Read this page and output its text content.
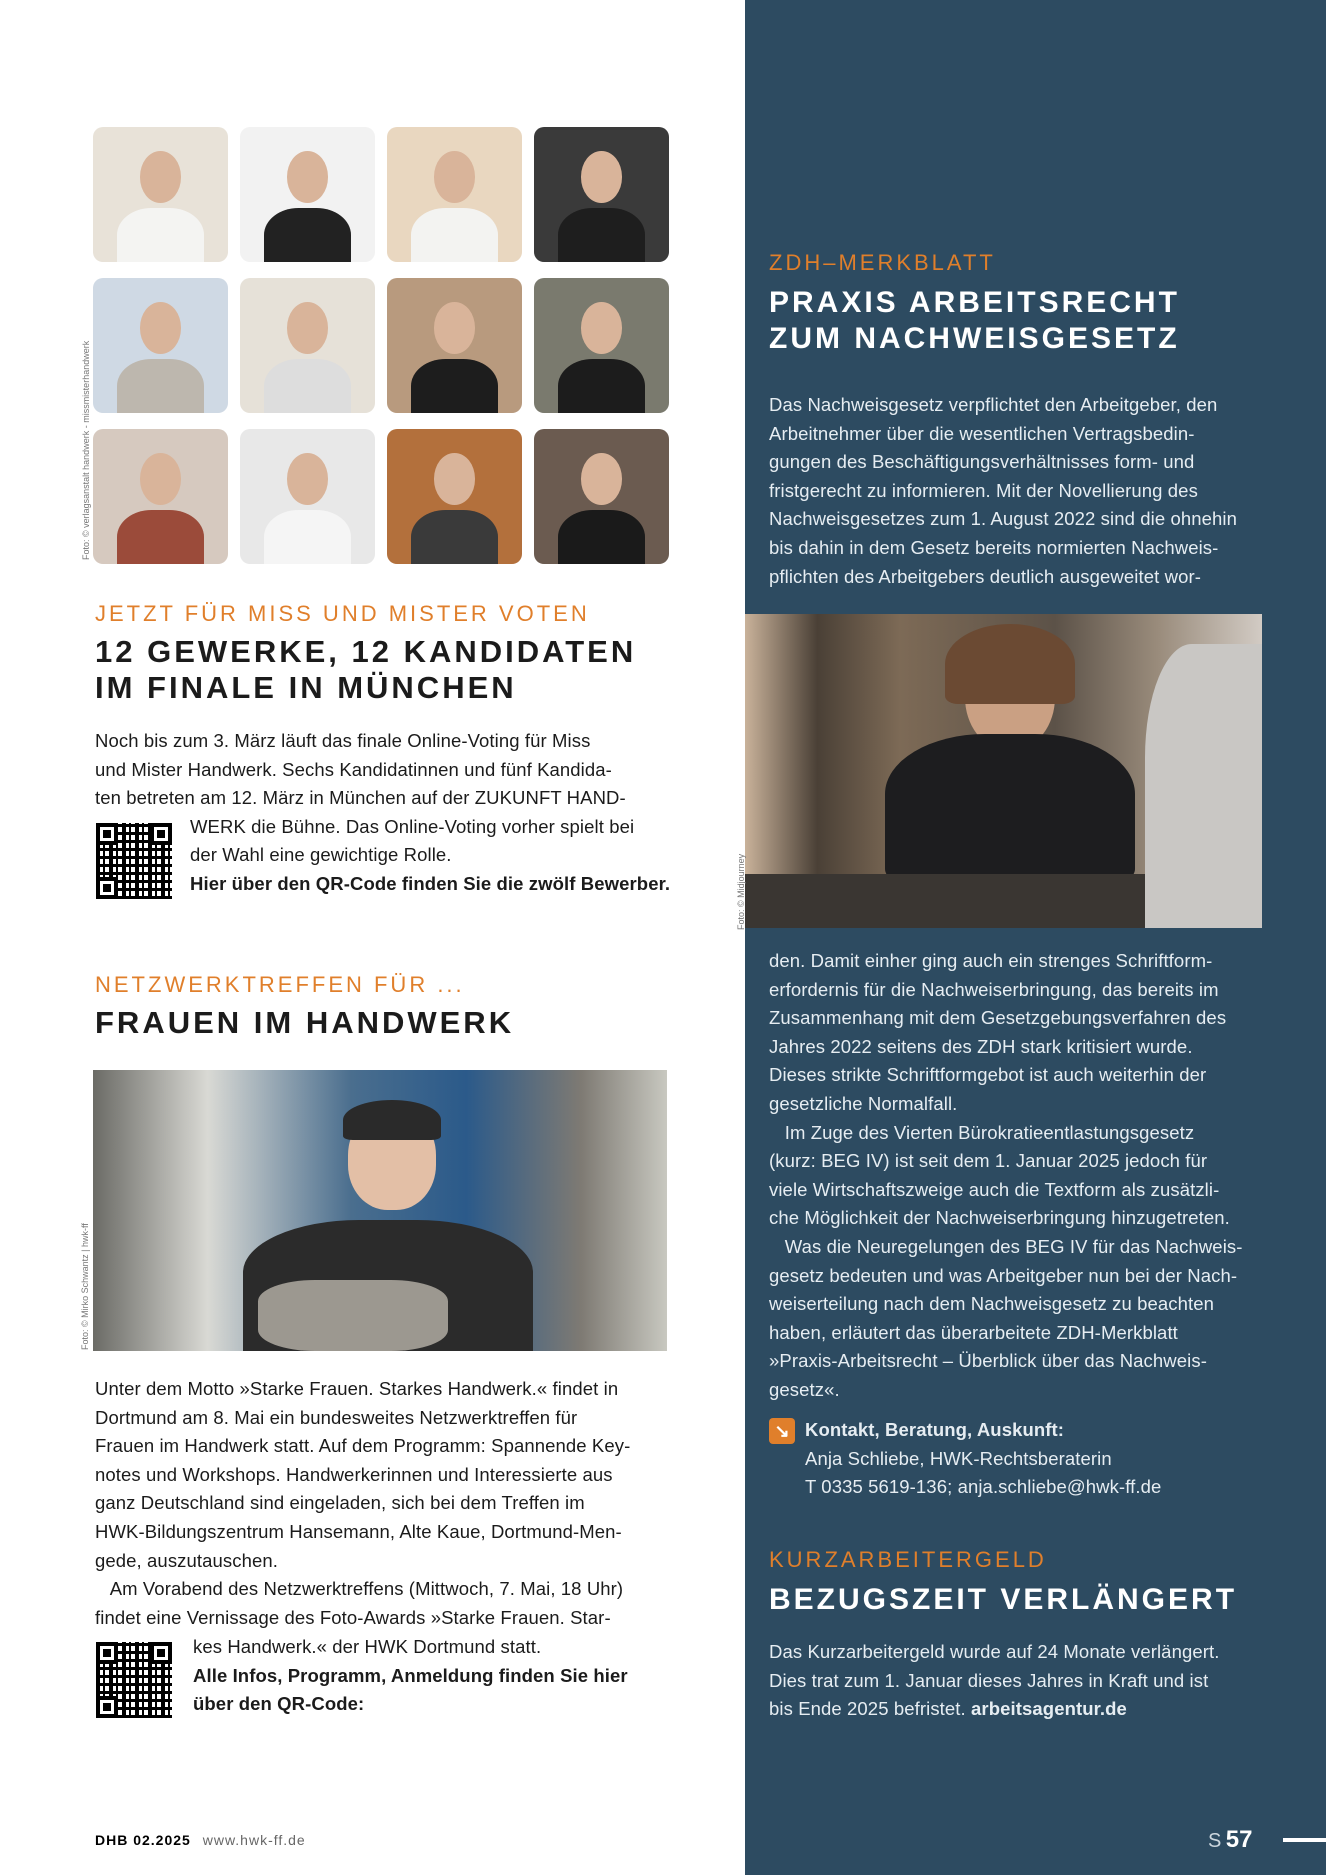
Foto: © verlagsanstalt handwerk - missmisterhandwerk
JETZT FÜR MISS UND MISTER VOTEN
12 GEWERKE, 12 KANDIDATEN
IM FINALE IN MÜNCHEN
Noch bis zum 3. März läuft das finale Online-Voting für Miss
und Mister Handwerk. Sechs Kandidatinnen und fünf Kandida-
ten betreten am 12. März in München auf der ZUKUNFT HAND-
WERK die Bühne. Das Online-Voting vorher spielt bei
der Wahl eine gewichtige Rolle.
Hier über den QR-Code finden Sie die zwölf Bewerber.
NETZWERKTREFFEN FÜR ...
FRAUEN IM HANDWERK
Foto: © Mirko Schwantz | hwk-ff
Unter dem Motto »Starke Frauen. Starkes Handwerk.« findet in
Dortmund am 8. Mai ein bundesweites Netzwerktreffen für
Frauen im Handwerk statt. Auf dem Programm: Spannende Key-
notes und Workshops. Handwerkerinnen und Interessierte aus
ganz Deutschland sind eingeladen, sich bei dem Treffen im
HWK-Bildungszentrum Hansemann, Alte Kaue, Dortmund-Men-
gede, auszutauschen.
Am Vorabend des Netzwerktreffens (Mittwoch, 7. Mai, 18 Uhr)
findet eine Vernissage des Foto-Awards »Starke Frauen. Star-
kes Handwerk.« der HWK Dortmund statt.
Alle Infos, Programm, Anmeldung finden Sie hier
über den QR-Code:
ZDH–MERKBLATT
PRAXIS ARBEITSRECHT
ZUM NACHWEISGESETZ
Das Nachweisgesetz verpflichtet den Arbeitgeber, den
Arbeitnehmer über die wesentlichen Vertragsbedin-
gungen des Beschäftigungsverhältnisses form- und
fristgerecht zu informieren. Mit der Novellierung des
Nachweisgesetzes zum 1. August 2022 sind die ohnehin
bis dahin in dem Gesetz bereits normierten Nachweis-
pflichten des Arbeitgebers deutlich ausgeweitet wor-
Foto: © Midjourney
den. Damit einher ging auch ein strenges Schriftform-
erfordernis für die Nachweiserbringung, das bereits im
Zusammenhang mit dem Gesetzgebungsverfahren des
Jahres 2022 seitens des ZDH stark kritisiert wurde.
Dieses strikte Schriftformgebot ist auch weiterhin der
gesetzliche Normalfall.
Im Zuge des Vierten Bürokratieentlastungsgesetz
(kurz: BEG IV) ist seit dem 1. Januar 2025 jedoch für
viele Wirtschaftszweige auch die Textform als zusätzli-
che Möglichkeit der Nachweiserbringung hinzugetreten.
Was die Neuregelungen des BEG IV für das Nachweis-
gesetz bedeuten und was Arbeitgeber nun bei der Nach-
weiserteilung nach dem Nachweisgesetz zu beachten
haben, erläutert das überarbeitete ZDH-Merkblatt
»Praxis-Arbeitsrecht – Überblick über das Nachweis-
gesetz«.
↘ Kontakt, Beratung, Auskunft:
Anja Schliebe, HWK-Rechtsberaterin
T 0335 5619-136; anja.schliebe@hwk-ff.de
KURZARBEITERGELD
BEZUGSZEIT VERLÄNGERT
Das Kurzarbeitergeld wurde auf 24 Monate verlängert.
Dies trat zum 1. Januar dieses Jahres in Kraft und ist
bis Ende 2025 befristet. arbeitsagentur.de
DHB 02.2025 www.hwk-ff.de	S 57
